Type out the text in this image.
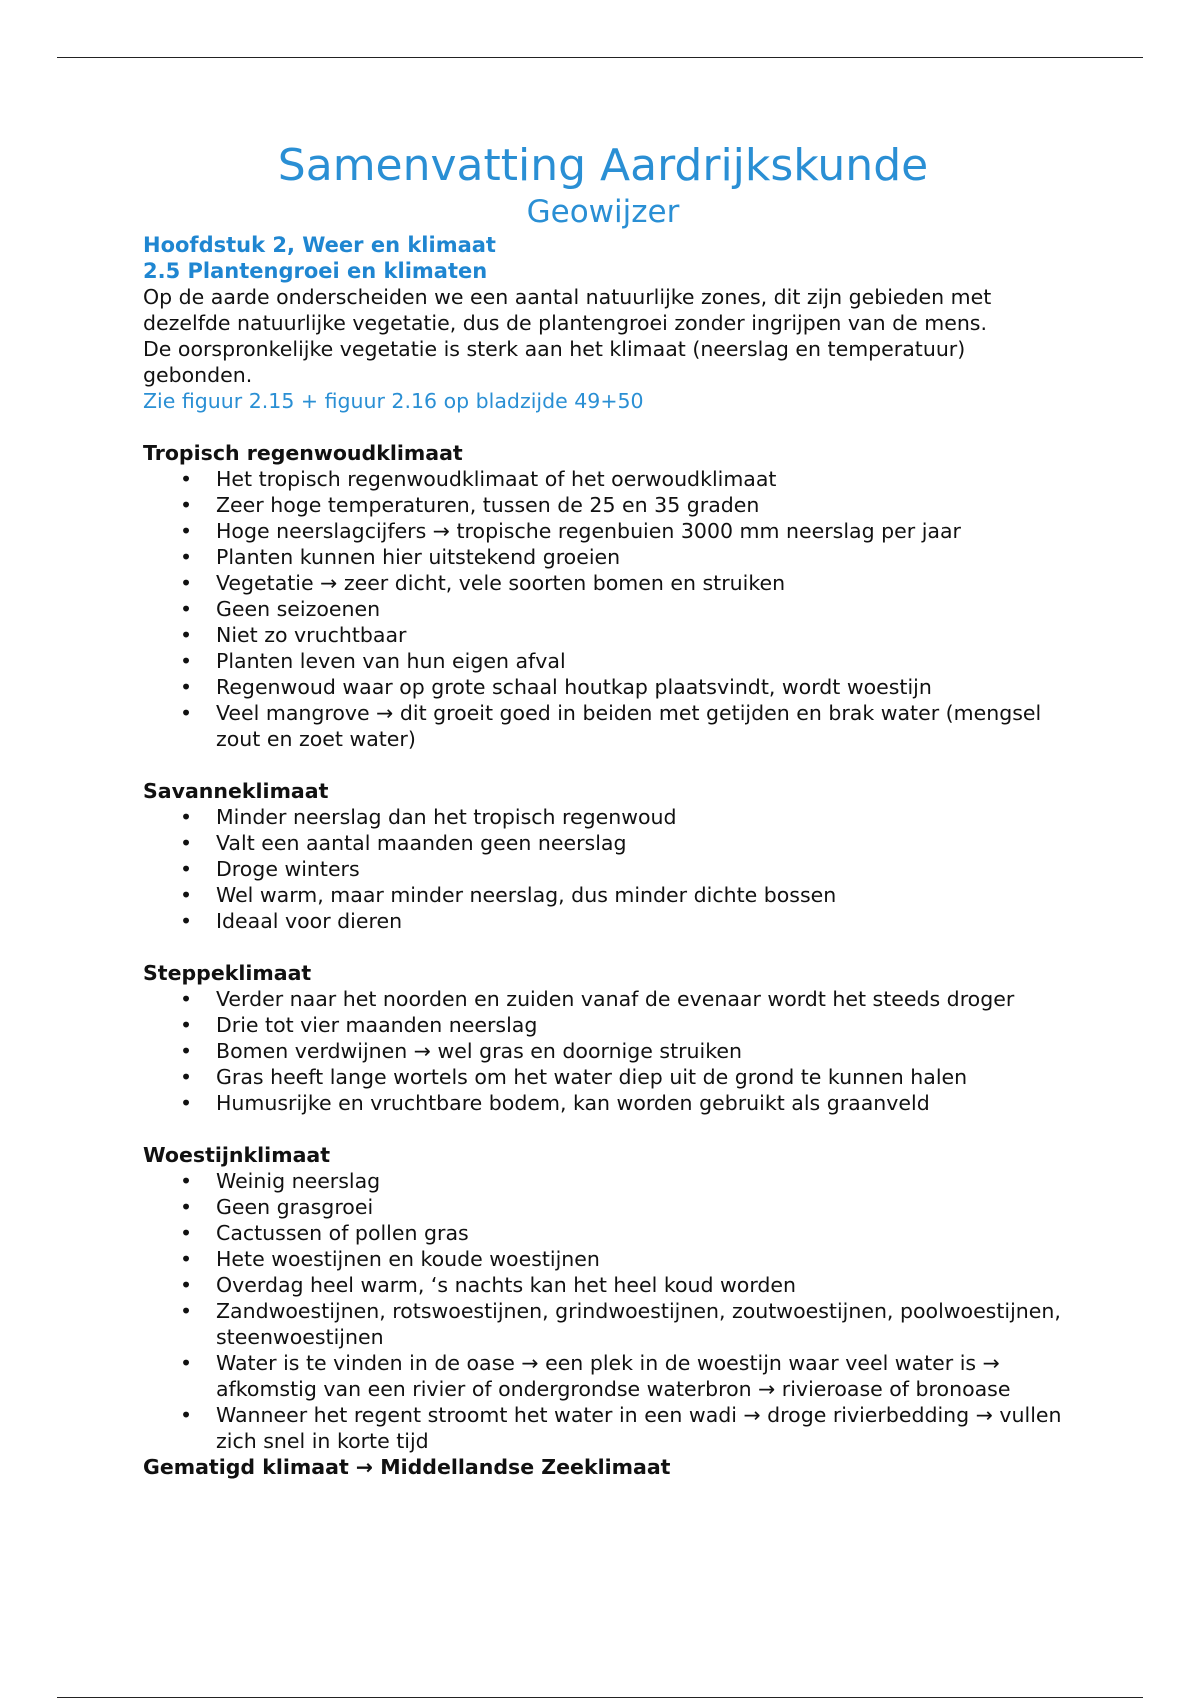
Samenvatting Aardrijkskunde
Geowijzer
Hoofdstuk 2, Weer en klimaat
2.5 Plantengroei en klimaten

Op de aarde onderscheiden we een aantal natuurlijke zones, dit zijn gebieden met dezelfde natuurlijke vegetatie, dus de plantengroei zonder ingrijpen van de mens.

De oorspronkelijke vegetatie is sterk aan het klimaat (neerslag en temperatuur) gebonden.

Zie figuur 2.15 + figuur 2.16 op bladzijde 49+50

Tropisch regenwoudklimaat
• Het tropisch regenwoudklimaat of het oerwoudklimaat
• Zeer hoge temperaturen, tussen de 25 en 35 graden
• Hoge neerslagcijfers → tropische regenbuien 3000 mm neerslag per jaar
• Planten kunnen hier uitstekend groeien
• Vegetatie → zeer dicht, vele soorten bomen en struiken
• Geen seizoenen
• Niet zo vruchtbaar
• Planten leven van hun eigen afval
• Regenwoud waar op grote schaal houtkap plaatsvindt, wordt woestijn
• Veel mangrove → dit groeit goed in beiden met getijden en brak water (mengsel zout en zoet water)
Savanneklimaat
• Minder neerslag dan het tropisch regenwoud
• Valt een aantal maanden geen neerslag
• Droge winters
• Wel warm, maar minder neerslag, dus minder dichte bossen
• Ideaal voor dieren
Steppeklimaat
• Verder naar het noorden en zuiden vanaf de evenaar wordt het steeds droger
• Drie tot vier maanden neerslag
• Bomen verdwijnen → wel gras en doornige struiken
• Gras heeft lange wortels om het water diep uit de grond te kunnen halen
• Humusrijke en vruchtbare bodem, kan worden gebruikt als graanveld
Woestijnklimaat
• Weinig neerslag
• Geen grasgroei
• Cactussen of pollen gras
• Hete woestijnen en koude woestijnen
• Overdag heel warm, ‘s nachts kan het heel koud worden
• Zandwoestijnen, rotswoestijnen, grindwoestijnen, zoutwoestijnen, poolwoestijnen, steenwoestijnen
• Water is te vinden in de oase → een plek in de woestijn waar veel water is → afkomstig van een rivier of ondergrondse waterbron → rivieroase of bronoase
• Wanneer het regent stroomt het water in een wadi → droge rivierbedding → vullen zich snel in korte tijd
Gematigd klimaat → Middellandse Zeeklimaat
